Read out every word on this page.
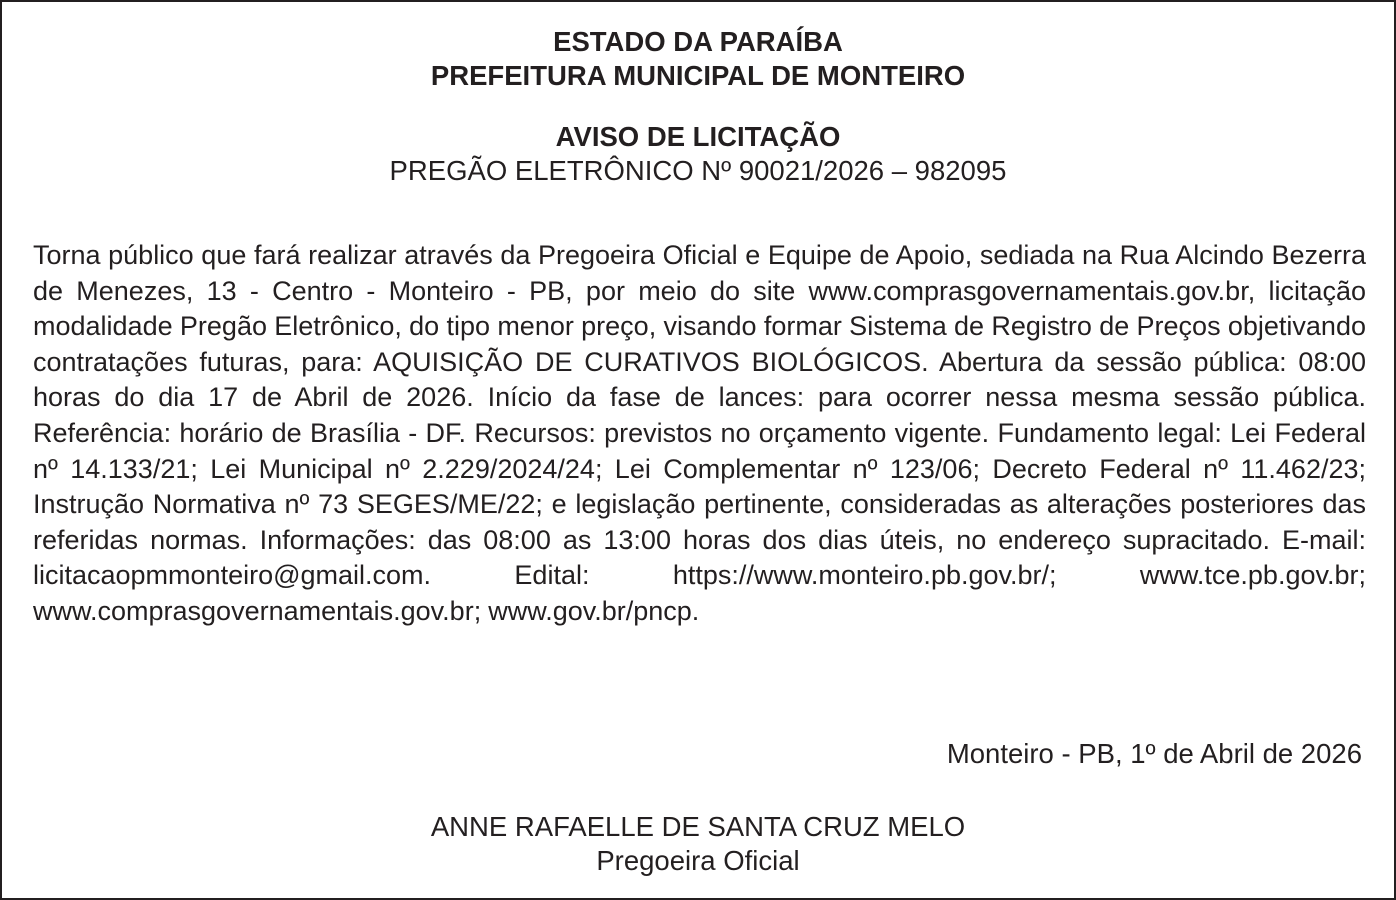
ESTADO DA PARAÍBA
PREFEITURA MUNICIPAL DE MONTEIRO
AVISO DE LICITAÇÃO
PREGÃO ELETRÔNICO Nº 90021/2026 – 982095

Torna público que fará realizar através da Pregoeira Oficial e Equipe de Apoio, sediada na Rua Alcindo Bezerra de Menezes, 13 - Centro - Monteiro - PB, por meio do site www.comprasgovernamentais.gov.br, licitação modalidade Pregão Eletrônico, do tipo menor preço, visando formar Sistema de Registro de Preços objetivando contratações futuras, para: AQUISIÇÃO DE CURATIVOS BIOLÓGICOS. Abertura da sessão pública: 08:00 horas do dia 17 de Abril de 2026. Início da fase de lances: para ocorrer nessa mesma sessão pública. Referência: horário de Brasília - DF. Recursos: previstos no orçamento vigente. Fundamento legal: Lei Federal nº 14.133/21; Lei Municipal nº 2.229/2024/24; Lei Complementar nº 123/06; Decreto Federal nº 11.462/23; Instrução Normativa nº 73 SEGES/ME/22; e legislação pertinente, consideradas as alterações posteriores das referidas normas. Informações: das 08:00 as 13:00 horas dos dias úteis, no endereço supracitado. E-mail: licitacaopmmonteiro@gmail.com. Edital: https://www.monteiro.pb.gov.br/; www.tce.pb.gov.br; www.comprasgovernamentais.gov.br; www.gov.br/pncp.

Monteiro - PB, 1º de Abril de 2026
ANNE RAFAELLE DE SANTA CRUZ MELO
Pregoeira Oficial
